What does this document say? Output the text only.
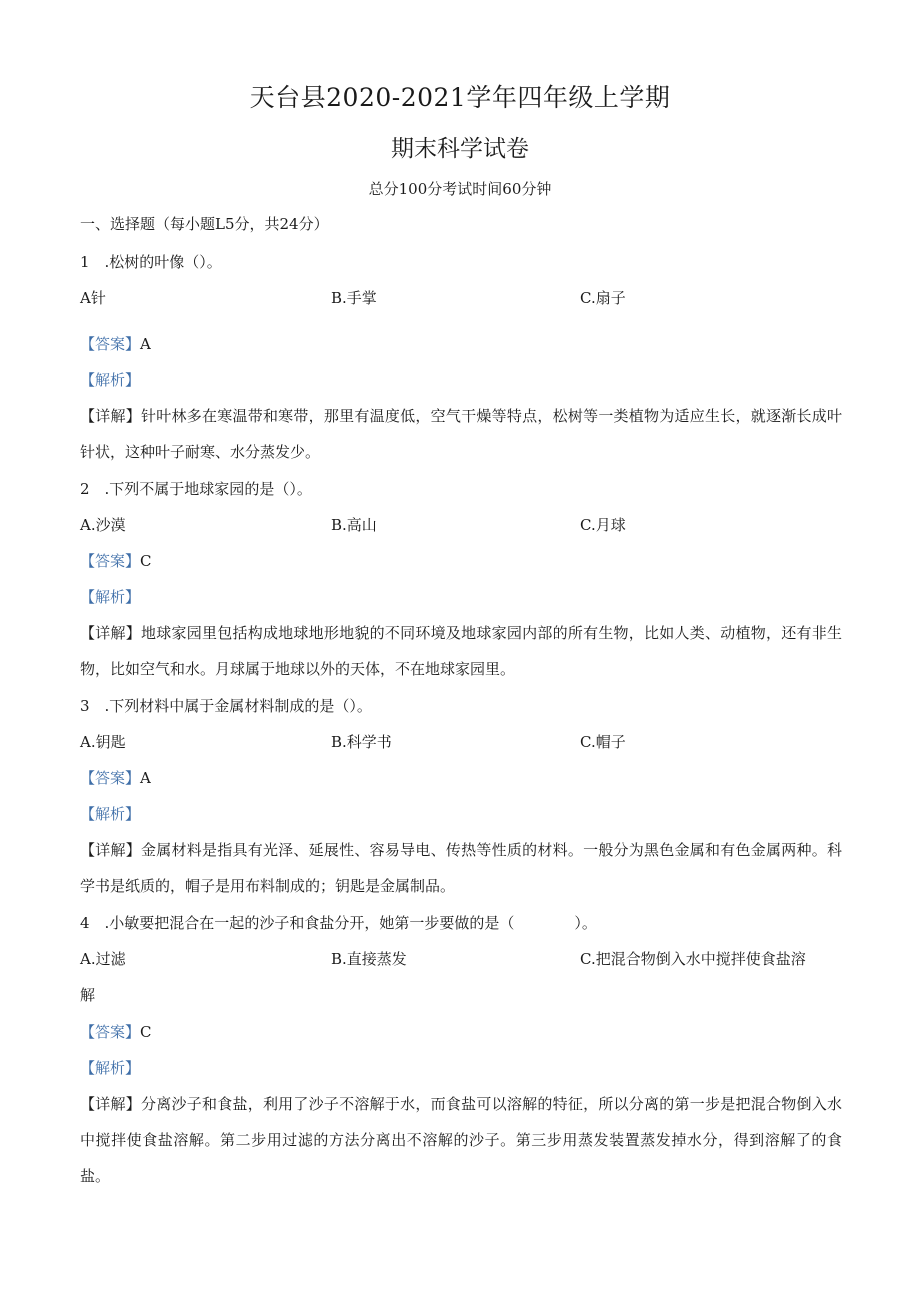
天台县2020-2021学年四年级上学期
期末科学试卷
总分100分考试时间60分钟
一、选择题（每小题L5分，共24分）
1　.松树的叶像（）。
A针	B.手掌	C.扇子
【答案】A
【解析】
【详解】针叶林多在寒温带和寒带，那里有温度低，空气干燥等特点，松树等一类植物为适应生长，就逐渐长成叶针状，这种叶子耐寒、水分蒸发少。
2　.下列不属于地球家园的是（）。
A.沙漠	B.高山	C.月球
【答案】C
【解析】
【详解】地球家园里包括构成地球地形地貌的不同环境及地球家园内部的所有生物，比如人类、动植物，还有非生物，比如空气和水。月球属于地球以外的天体，不在地球家园里。
3　.下列材料中属于金属材料制成的是（）。
A.钥匙	B.科学书	C.帽子
【答案】A
【解析】
【详解】金属材料是指具有光泽、延展性、容易导电、传热等性质的材料。一般分为黑色金属和有色金属两种。科学书是纸质的，帽子是用布料制成的；钥匙是金属制品。
4　.小敏要把混合在一起的沙子和食盐分开，她第一步要做的是（　　　　）。
A.过滤	B.直接蒸发	C.把混合物倒入水中搅拌使食盐溶
解
【答案】C
【解析】
【详解】分离沙子和食盐，利用了沙子不溶解于水，而食盐可以溶解的特征，所以分离的第一步是把混合物倒入水中搅拌使食盐溶解。第二步用过滤的方法分离出不溶解的沙子。第三步用蒸发装置蒸发掉水分，得到溶解了的食盐。
